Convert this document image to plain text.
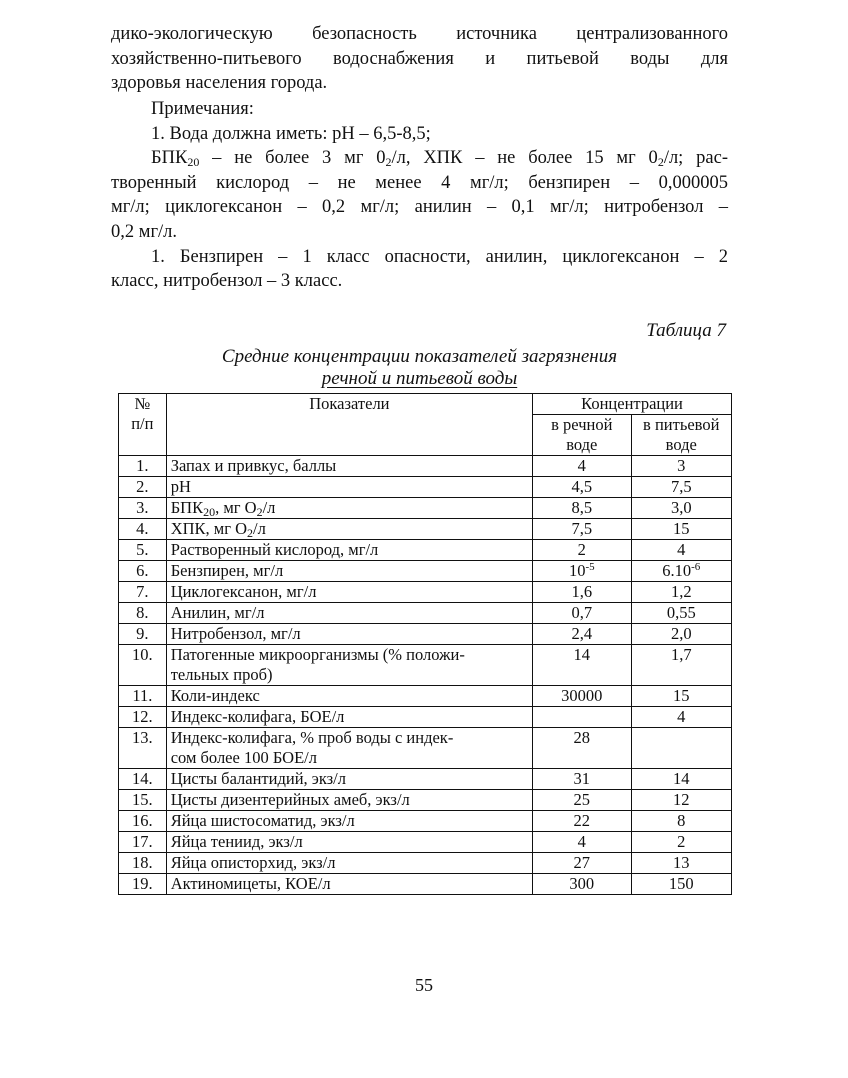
дико-экологическую безопасность источника централизованного

хозяйственно-питьевого водоснабжения и питьевой воды для

здоровья населения города.

Примечания:

1. Вода должна иметь: pH – 6,5-8,5;

$БПК_{20}$ – не более 3 мг $0_2/л$, ХПК – не более 15 мг $0_2/л$; рас-

творенный кислород – не менее 4 мг/л; бензпирен – 0,000005

мг/л; циклогексанон – 0,2 мг/л; анилин – 0,1 мг/л; нитробензол –

0,2 мг/л.

1. Бензпирен – 1 класс опасности, анилин, циклогексанон – 2

класс, нитробензол – 3 класс.

Таблица 7
Средние концентрации показателей загрязнения
речной и питьевой воды
№
п/п	Показатели	Концентрации	
		в речной воде	в питьевой воде
1.	Запах и привкус, баллы	4	3
2.	pH	4,5	7,5
3.	$БПК_{20}$, мг $О_2/л$	8,5	3,0
4.	ХПК, мг $О_2/л$	7,5	15
5.	Растворенный кислород, мг/л	2	4
6.	Бензпирен, мг/л	$10^{-5}$	$6.10^{-6}$
7.	Циклогексанон, мг/л	1,6	1,2
8.	Анилин, мг/л	0,7	0,55
9.	Нитробензол, мг/л	2,4	2,0
10.	Патогенные микроорганизмы (% положи-
тельных проб)	14	1,7
11.	Коли-индекс	30000	15
12.	Индекс-колифага, БОЕ/л		4
13.	Индекс-колифага, % проб воды с индек-
сом более 100 БОЕ/л	28	
14.	Цисты балантидий, экз/л	31	14
15.	Цисты дизентерийных амеб, экз/л	25	12
16.	Яйца шистосоматид, экз/л	22	8
17.	Яйца тениид, экз/л	4	2
18.	Яйца описторхид, экз/л	27	13
19.	Актиномицеты, КОЕ/л	300	150
55
